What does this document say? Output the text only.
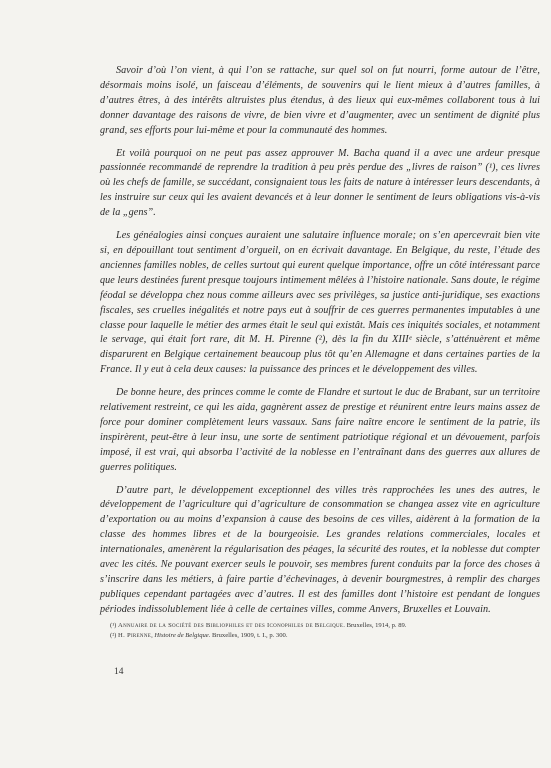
Savoir d’où l’on vient, à qui l’on se rattache, sur quel sol on fut nourri, forme autour de l’être, désormais moins isolé, un faisceau d’éléments, de souvenirs qui le lient mieux à d’autres familles, à d’autres êtres, à des intérêts altruistes plus étendus, à des lieux qui eux-mêmes collaborent tous à lui donner davantage des raisons de vivre, de bien vivre et d’augmenter, avec un sentiment de dignité plus grand, ses efforts pour lui-même et pour la communauté des hommes.

Et voilà pourquoi on ne peut pas assez approuver M. Bacha quand il a avec une ardeur presque passionnée recommandé de reprendre la tradition à peu près perdue des „livres de raison” (¹), ces livres où les chefs de famille, se succédant, consignaient tous les faits de nature à intéresser leurs descendants, à les instruire sur ceux qui les avaient devancés et à leur donner le sentiment de leurs obligations vis-à-vis de la „gens”.

Les généalogies ainsi conçues auraient une salutaire influence morale; on s’en apercevrait bien vite si, en dépouillant tout sentiment d’orgueil, on en écrivait davantage. En Belgique, du reste, l’étude des anciennes familles nobles, de celles surtout qui eurent quelque importance, offre un côté intéressant parce que leurs destinées furent presque toujours intimement mêlées à l’histoire nationale. Sans doute, le régime féodal se développa chez nous comme ailleurs avec ses privilèges, sa justice anti-juridique, ses exactions fiscales, ses cruelles inégalités et notre pays eut à souffrir de ces guerres permanentes imputables à une classe pour laquelle le métier des armes était le seul qui existât. Mais ces iniquités sociales, et notamment le servage, qui était fort rare, dit M. H. Pirenne (²), dès la fin du XIIIᵉ siècle, s’atténuèrent et même disparurent en Belgique certainement beaucoup plus tôt qu’en Allemagne et dans certaines parties de la France. Il y eut à cela deux causes: la puissance des princes et le développement des villes.

De bonne heure, des princes comme le comte de Flandre et surtout le duc de Brabant, sur un territoire relativement restreint, ce qui les aida, gagnèrent assez de prestige et réunirent entre leurs mains assez de force pour dominer complètement leurs vassaux. Sans faire naître encore le sentiment de la patrie, ils inspirèrent, peut-être à leur insu, une sorte de sentiment patriotique régional et un dévouement, parfois imposé, il est vrai, qui absorba l’activité de la noblesse en l’entraînant dans des guerres aux allures de guerres politiques.

D’autre part, le développement exceptionnel des villes très rapprochées les unes des autres, le développement de l’agriculture qui d’agriculture de consommation se changea assez vite en agriculture d’exportation ou au moins d’expansion à cause des besoins de ces villes, aidèrent à la formation de la classe des hommes libres et de la bourgeoisie. Les grandes relations commerciales, locales et internationales, amenèrent la régularisation des péages, la sécurité des routes, et la noblesse dut compter avec les cités. Ne pouvant exercer seuls le pouvoir, ses membres furent conduits par la force des choses à s’inscrire dans les métiers, à faire partie d’échevinages, à devenir bourgmestres, à remplir des charges publiques cependant partagées avec d’autres. Il est des familles dont l’histoire est pendant de longues périodes indissolublement liée à celle de certaines villes, comme Anvers, Bruxelles et Louvain.

(¹) Annuaire de la Société des Bibliophiles et des Iconophiles de Belgique. Bruxelles, 1914, p. 89.

(²) H. Pirenne, Histoire de Belgique. Bruxelles, 1909, t. I., p. 300.

14
